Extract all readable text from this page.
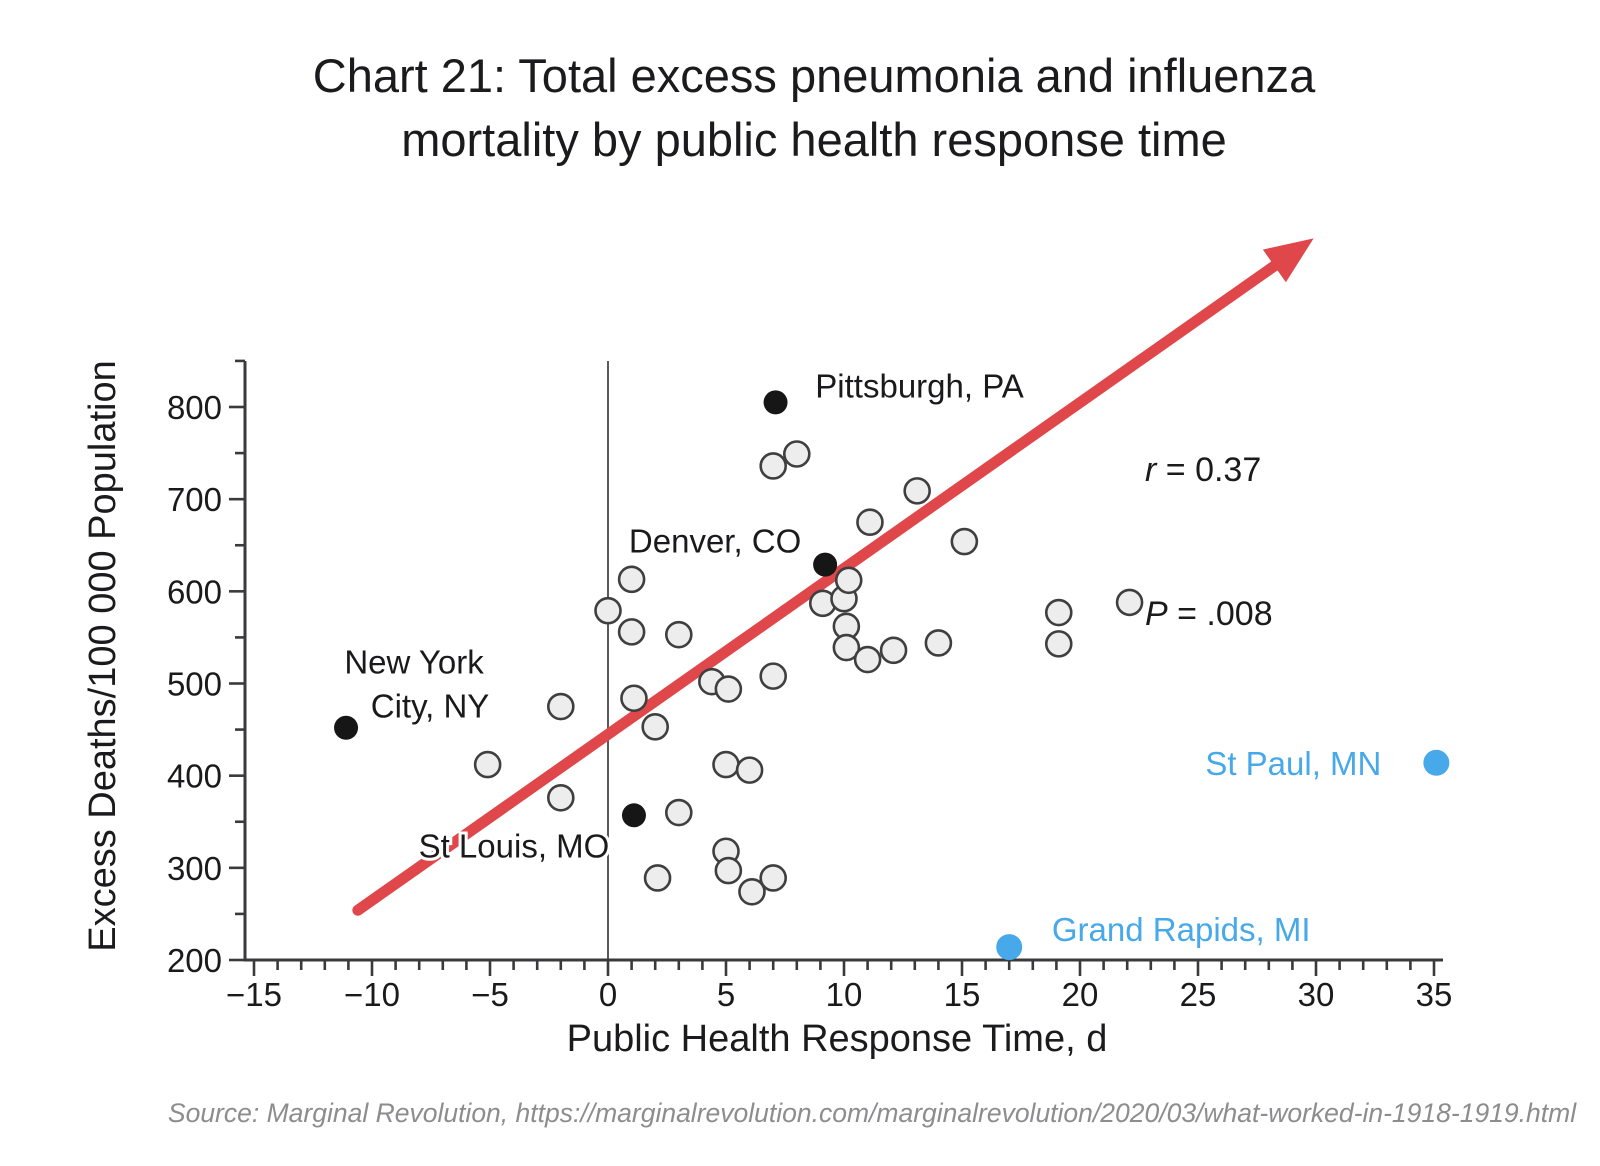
Chart 21: Total excess pneumonia and influenza
mortality by public health response time
−15 −10 −5	0	5	10 15 20 25 30 35
200
300
400
500
600
700
800
New York
City, NY
St Louis, MO
Denver, CO
Pittsburgh, PA
St Paul, MN
Grand Rapids, MI
Public Health Response Time, d
Excess Deaths/100 000 Population

	r = 0.37

P = .008

Source: Marginal Revolution, https://marginalrevolution.com/marginalrevolution/2020/03/what-worked-in-1918-1919.html
